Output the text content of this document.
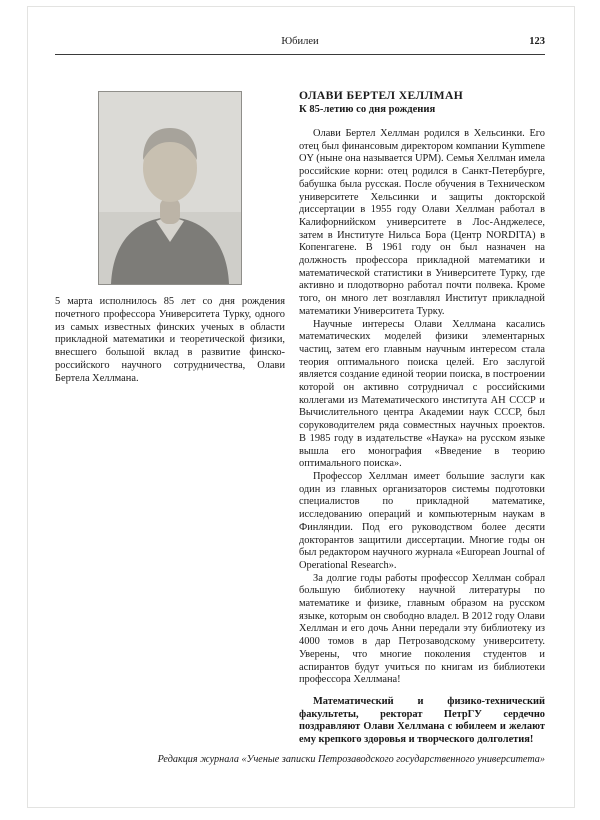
Юбилеи	123

5 марта исполнилось 85 лет со дня рождения почетного профессора Университета Турку, одного из самых известных финских ученых в области прикладной математики и теоретической физики, внесшего большой вклад в развитие финско-российского научного сотрудничества, Олави Бертела Хеллмана.

ОЛАВИ БЕРТЕЛ ХЕЛЛМАН
К 85-летию со дня рождения

Олави Бертел Хеллман родился в Хельсинки. Его отец был финансовым директором компании Kymmene OY (ныне она называется UPM). Семья Хеллман имела российские корни: отец родился в Санкт-Петербурге, бабушка была русская. После обучения в Техническом университете Хельсинки и защиты докторской диссертации в 1955 году Олави Хеллман работал в Калифорнийском университете в Лос-Анджелесе, затем в Институте Нильса Бора (Центр NORDITA) в Копенгагене. В 1961 году он был назначен на должность профессора прикладной математики и математической статистики в Университете Турку, где активно и плодотворно работал почти полвека. Кроме того, он много лет возглавлял Институт прикладной математики Университета Турку.

Научные интересы Олави Хеллмана касались математических моделей физики элементарных частиц, затем его главным научным интересом стала теория оптимального поиска целей. Его заслугой является создание единой теории поиска, в построении которой он активно сотрудничал с российскими коллегами из Математического института АН СССР и Вычислительного центра Академии наук СССР, был соруководителем ряда совместных научных проектов. В 1985 году в издательстве «Наука» на русском языке вышла его монография «Введение в теорию оптимального поиска».

Профессор Хеллман имеет большие заслуги как один из главных организаторов системы подготовки специалистов по прикладной математике, исследованию операций и компьютерным наукам в Финляндии. Под его руководством более десяти докторантов защитили диссертации. Многие годы он был редактором научного журнала «European Journal of Operational Research».

За долгие годы работы профессор Хеллман собрал большую библиотеку научной литературы по математике и физике, главным образом на русском языке, которым он свободно владел. В 2012 году Олави Хеллман и его дочь Анни передали эту библиотеку из 4000 томов в дар Петрозаводскому университету. Уверены, что многие поколения студентов и аспирантов будут учиться по книгам из библиотеки профессора Хеллмана!

Математический и физико-технический факультеты, ректорат ПетрГУ сердечно поздравляют Олави Хеллмана с юбилеем и желают ему крепкого здоровья и творческого долголетия!

Редакция журнала «Ученые записки Петрозаводского государственного университета»
